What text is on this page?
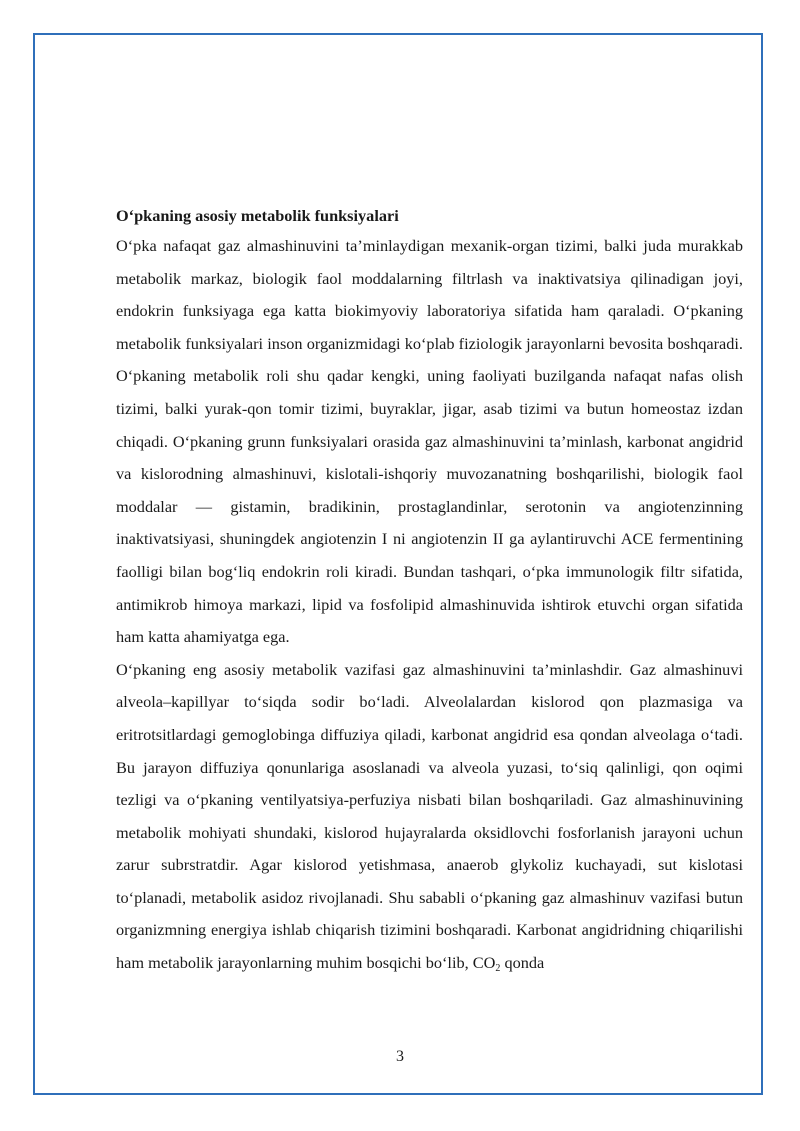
O‘pkaning asosiy metabolik funksiyalari

O‘pka nafaqat gaz almashinuvini ta’minlaydigan mexanik-organ tizimi, balki juda murakkab metabolik markaz, biologik faol moddalarning filtrlash va inaktivatsiya qilinadigan joyi, endokrin funksiyaga ega katta biokimyoviy laboratoriya sifatida ham qaraladi. O‘pkaning metabolik funksiyalari inson organizmidagi ko‘plab fiziologik jarayonlarni bevosita boshqaradi. O‘pkaning metabolik roli shu qadar kengki, uning faoliyati buzilganda nafaqat nafas olish tizimi, balki yurak-qon tomir tizimi, buyraklar, jigar, asab tizimi va butun homeostaz izdan chiqadi. O‘pkaning grunn funksiyalari orasida gaz almashinuvini ta’minlash, karbonat angidrid va kislorodning almashinuvi, kislotali-ishqoriy muvozanatning boshqarilishi, biologik faol moddalar — gistamin, bradikinin, prostaglandinlar, serotonin va angiotenzinning inaktivatsiyasi, shuningdek angiotenzin I ni angiotenzin II ga aylantiruvchi ACE fermentining faolligi bilan bog‘liq endokrin roli kiradi. Bundan tashqari, o‘pka immunologik filtr sifatida, antimikrob himoya markazi, lipid va fosfolipid almashinuvida ishtirok etuvchi organ sifatida ham katta ahamiyatga ega.

O‘pkaning eng asosiy metabolik vazifasi gaz almashinuvini ta’minlashdir. Gaz almashinuvi alveola–kapillyar to‘siqda sodir bo‘ladi. Alveolalardan kislorod qon plazmasiga va eritrotsitlardagi gemoglobinga diffuziya qiladi, karbonat angidrid esa qondan alveolaga o‘tadi. Bu jarayon diffuziya qonunlariga asoslanadi va alveola yuzasi, to‘siq qalinligi, qon oqimi tezligi va o‘pkaning ventilyatsiya-perfuziya nisbati bilan boshqariladi. Gaz almashinuvining metabolik mohiyati shundaki, kislorod hujayralarda oksidlovchi fosforlanish jarayoni uchun zarur subrstratdir. Agar kislorod yetishmasa, anaerob glykoliz kuchayadi, sut kislotasi to‘planadi, metabolik asidoz rivojlanadi. Shu sababli o‘pkaning gaz almashinuv vazifasi butun organizmning energiya ishlab chiqarish tizimini boshqaradi. Karbonat angidridning chiqarilishi ham metabolik jarayonlarning muhim bosqichi bo‘lib, $CO_2$ qonda

3
